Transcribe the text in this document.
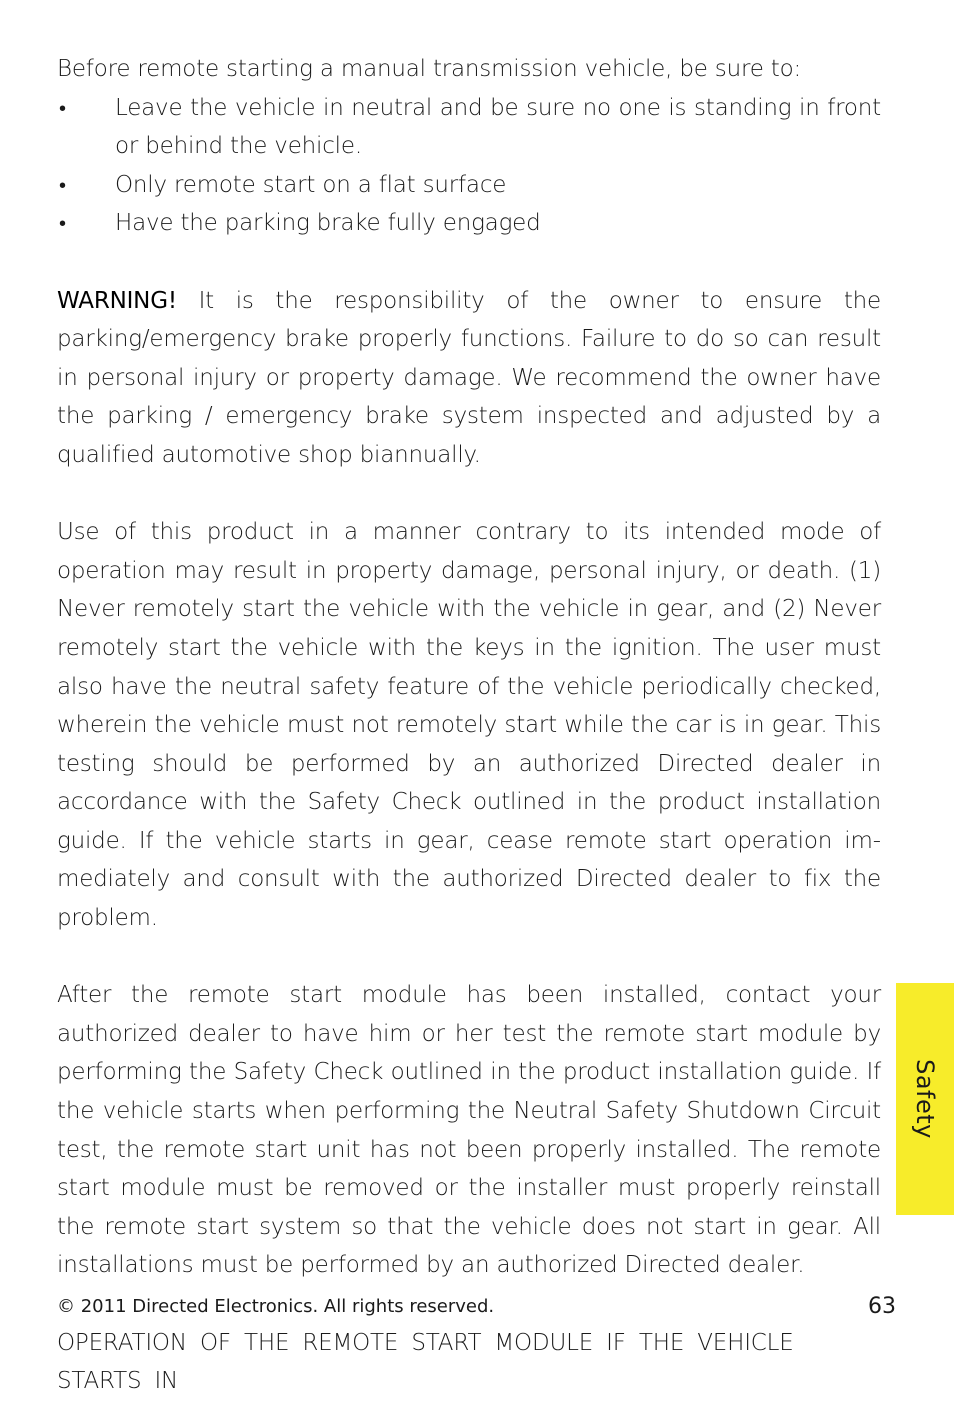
Before remote starting a manual transmission vehicle, be sure to:

• Leave the vehicle in neutral and be sure no one is standing in front or behind the vehicle.
• Only remote start on a flat surface
• Have the parking brake fully engaged

WARNING! It is the responsibility of the owner to ensure the parking/emergency brake properly functions. Failure to do so can result in personal injury or property damage. We recommend the owner have the parking / emergency brake system inspected and adjusted by a qualified automotive shop biannually.

Use of this product in a manner contrary to its intended mode of operation may result in property damage, personal injury, or death. (1) Never remotely start the vehicle with the vehicle in gear, and (2) Never remotely start the vehicle with the keys in the ignition. The user must also have the neutral safety feature of the vehicle periodically checked, wherein the vehicle must not remotely start while the car is in gear. This testing should be performed by an authorized Directed dealer in accordance with the Safety Check outlined in the product installation guide. If the vehicle starts in gear, cease remote start operation immediately and consult with the authorized Directed dealer to fix the problem.

After the remote start module has been installed, contact your authorized dealer to have him or her test the remote start module by performing the Safety Check outlined in the product installation guide. If the vehicle starts when performing the Neutral Safety Shutdown Circuit test, the remote start unit has not been properly installed. The remote start module must be removed or the installer must properly reinstall the remote start system so that the vehicle does not start in gear. All installations must be performed by an authorized Directed dealer.

OPERATION OF THE REMOTE START MODULE IF THE VEHICLE STARTS IN

Safety
© 2011 Directed Electronics. All rights reserved.	63
